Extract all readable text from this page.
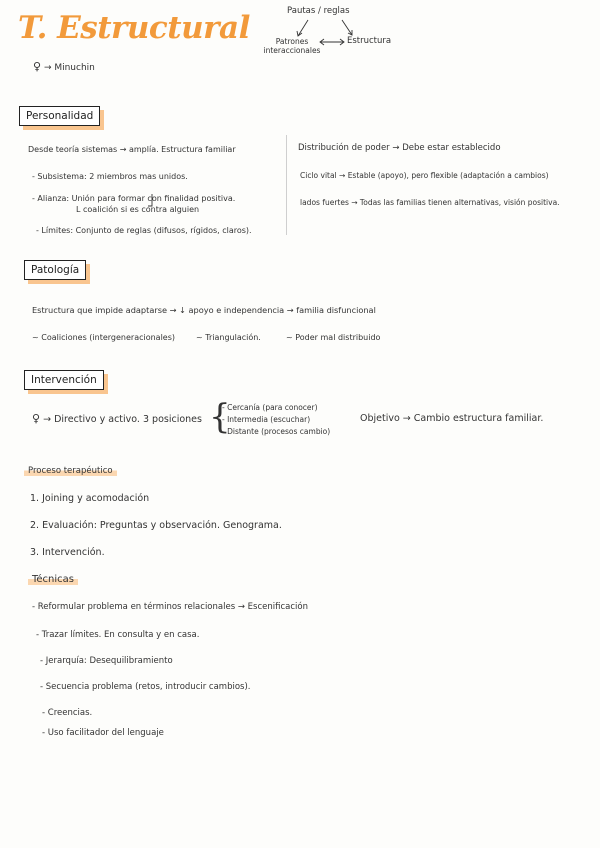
T. Estructural	Pautas / reglas
Patrones interaccionales
Estructura
♀ → Minuchin
Personalidad
Desde teoría sistemas → amplía. Estructura familiar
- Subsistema: 2 miembros mas unidos.
- Alianza: Unión para formar con finalidad positiva.
L coalición si es contra alguien
- Límites: Conjunto de reglas (difusos, rígidos, claros).
Distribución de poder → Debe estar establecido
Ciclo vital → Estable (apoyo), pero flexible (adaptación a cambios)
lados fuertes → Todas las familias tienen alternativas, visión positiva.
Patología
Estructura que impide adaptarse → ↓ apoyo e independencia → familia disfuncional
~ Coaliciones (intergeneracionales)	~ Triangulación.	~ Poder mal distribuido
Intervención
♀ → Directivo y activo. 3 posiciones {
- Cercanía (para conocer)
- Intermedia (escuchar)
- Distante (procesos cambio)
Objetivo → Cambio estructura familiar.
Proceso terapéutico
1. Joining y acomodación
2. Evaluación: Preguntas y observación. Genograma.
3. Intervención.
Técnicas
- Reformular problema en términos relacionales → Escenificación
- Trazar límites. En consulta y en casa.
- Jerarquía: Desequilibramiento
- Secuencia problema (retos, introducir cambios).
- Creencias.
- Uso facilitador del lenguaje
